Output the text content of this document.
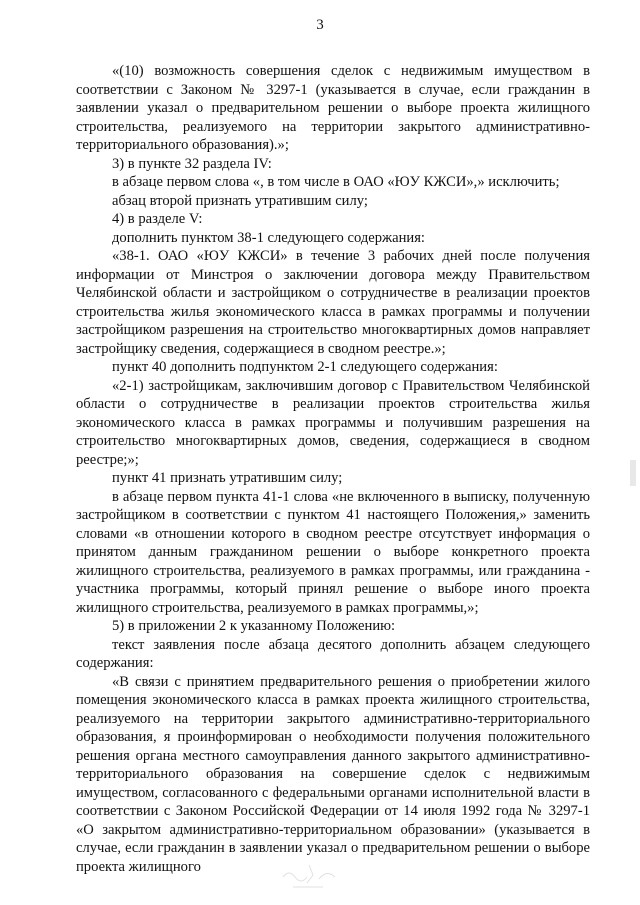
3

«(10) возможность совершения сделок с недвижимым имуществом в соответствии с Законом № 3297-1 (указывается в случае, если гражданин в заявлении указал о предварительном решении о выборе проекта жилищного строительства, реализуемого на территории закрытого административно-территориального образования).»;

3) в пункте 32 раздела IV:

в абзаце первом слова «, в том числе в ОАО «ЮУ КЖСИ»,» исключить;

абзац второй признать утратившим силу;

4) в разделе V:

дополнить пунктом 38-1 следующего содержания:

«38-1. ОАО «ЮУ КЖСИ» в течение 3 рабочих дней после получения информации от Минстроя о заключении договора между Правительством Челябинской области и застройщиком о сотрудничестве в реализации проектов строительства жилья экономического класса в рамках программы и получении застройщиком разрешения на строительство многоквартирных домов направляет застройщику сведения, содержащиеся в сводном реестре.»;

пункт 40 дополнить подпунктом 2-1 следующего содержания:

«2-1) застройщикам, заключившим договор с Правительством Челябинской области о сотрудничестве в реализации проектов строительства жилья экономического класса в рамках программы и получившим разрешения на строительство многоквартирных домов, сведения, содержащиеся в сводном реестре;»;

пункт 41 признать утратившим силу;

в абзаце первом пункта 41-1 слова «не включенного в выписку, полученную застройщиком в соответствии с пунктом 41 настоящего Положения,» заменить словами «в отношении которого в сводном реестре отсутствует информация о принятом данным гражданином решении о выборе конкретного проекта жилищного строительства, реализуемого в рамках программы, или гражданина - участника программы, который принял решение о выборе иного проекта жилищного строительства, реализуемого в рамках программы,»;

5) в приложении 2 к указанному Положению:

текст заявления после абзаца десятого дополнить абзацем следующего содержания:

«В связи с принятием предварительного решения о приобретении жилого помещения экономического класса в рамках проекта жилищного строительства, реализуемого на территории закрытого административно-территориального образования, я проинформирован о необходимости получения положительного решения органа местного самоуправления данного закрытого административно-территориального образования на совершение сделок с недвижимым имуществом, согласованного с федеральными органами исполнительной власти в соответствии с Законом Российской Федерации от 14 июля 1992 года № 3297-1 «О закрытом административно-территориальном образовании» (указывается в случае, если гражданин в заявлении указал о предварительном решении о выборе проекта жилищного
